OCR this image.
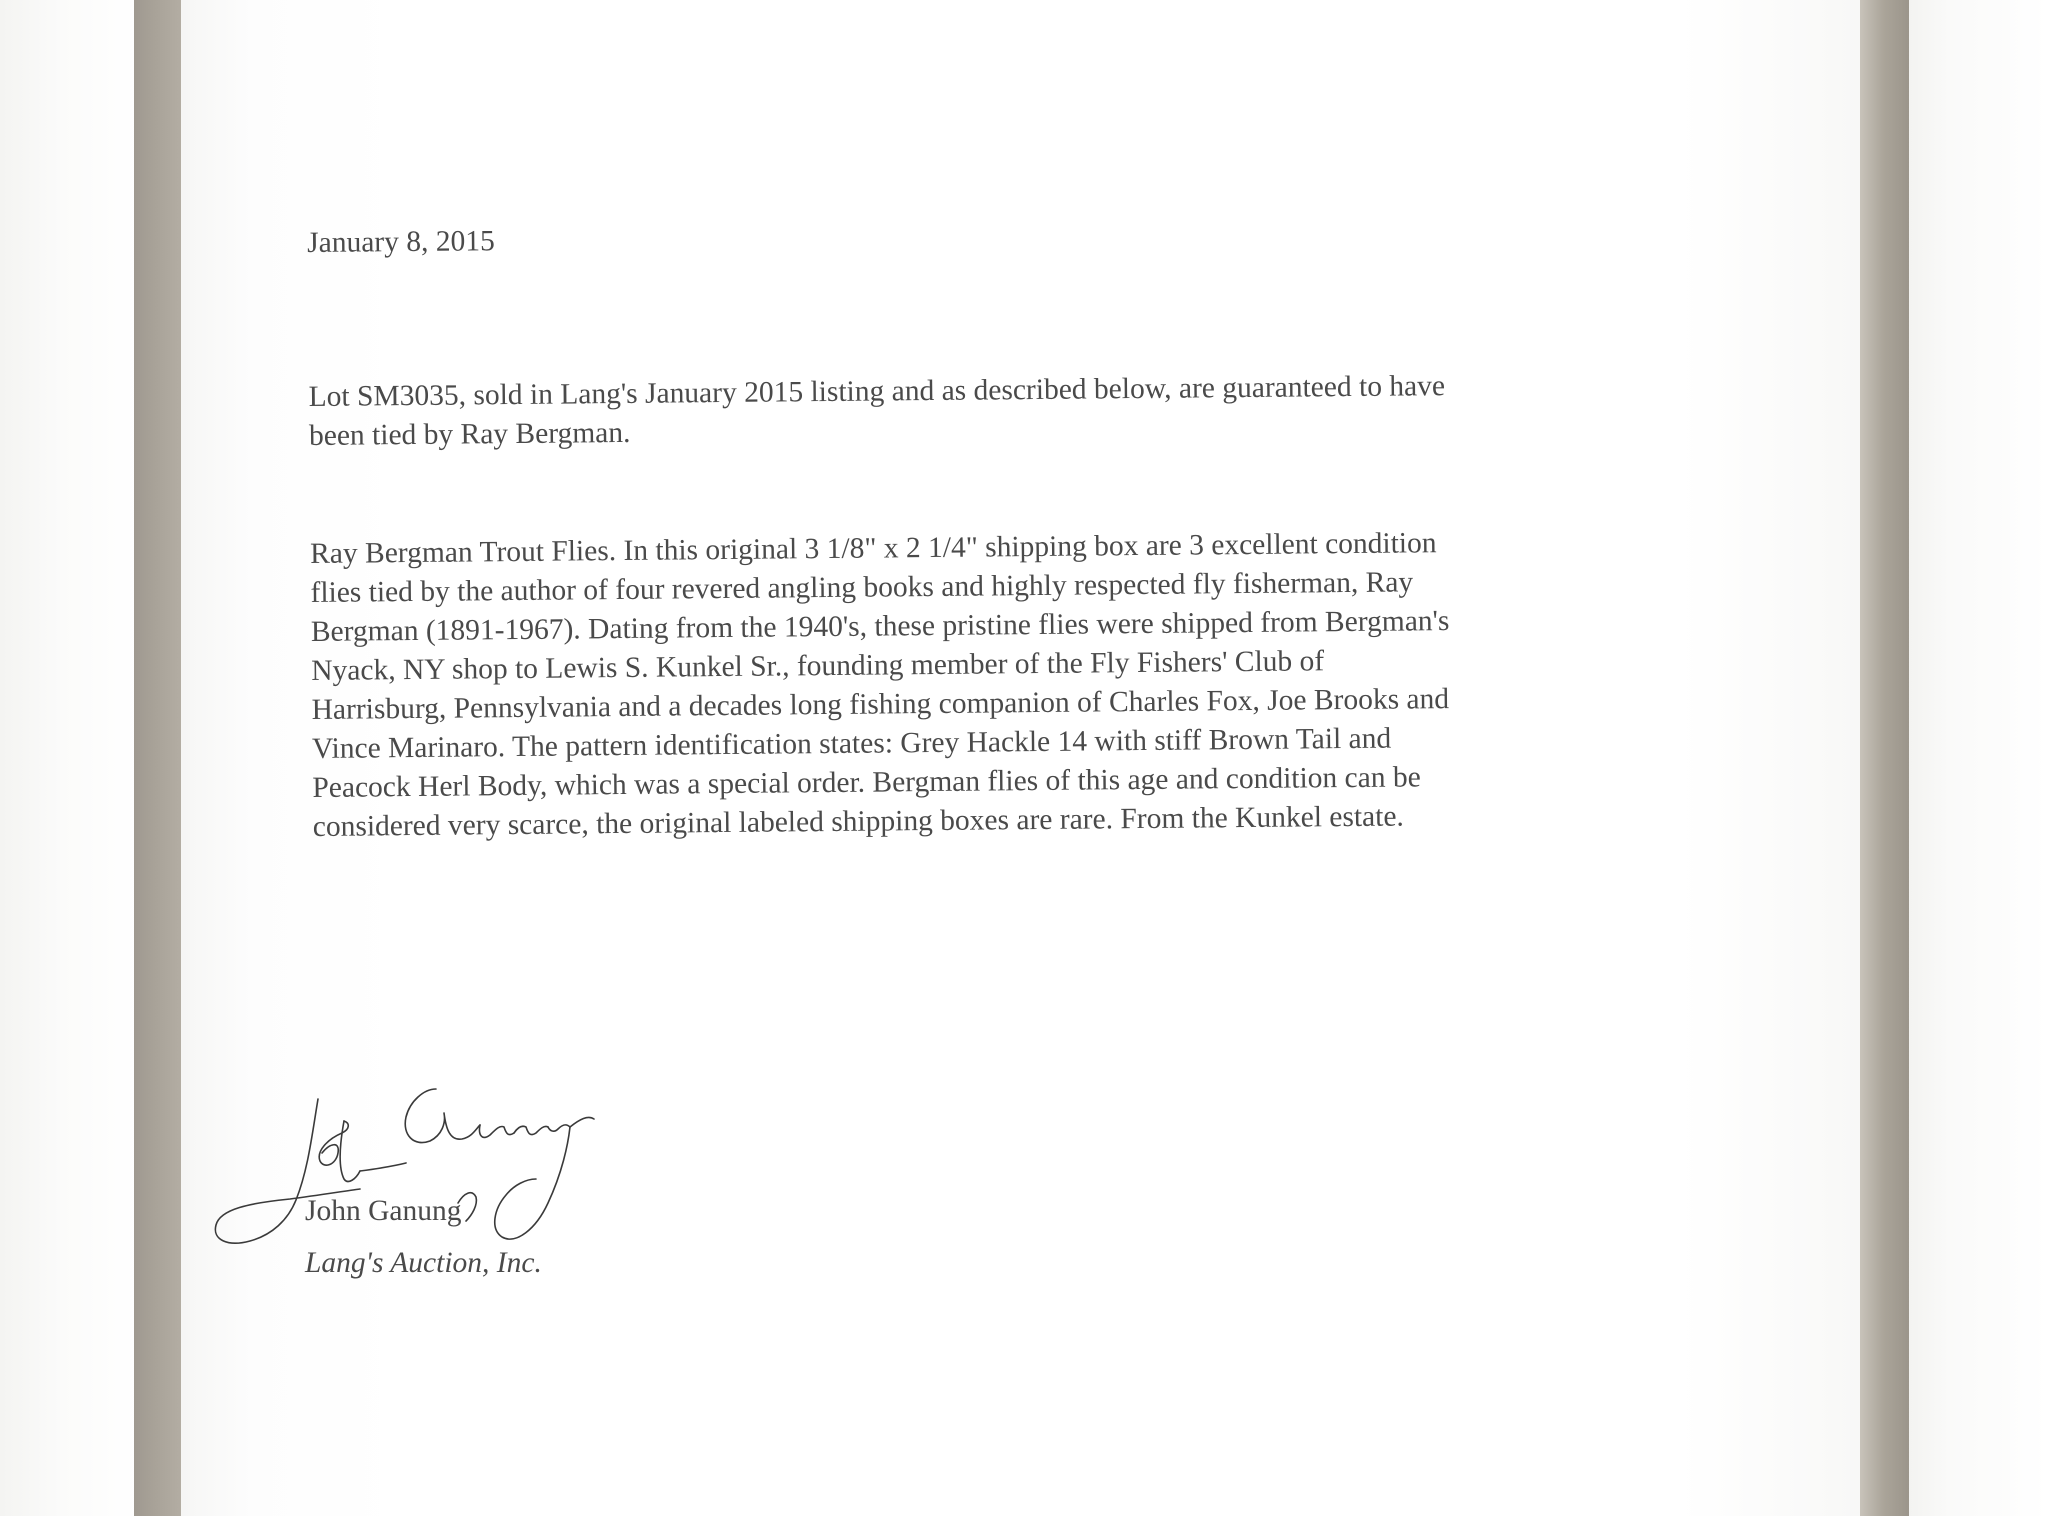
January 8, 2015

Lot SM3035, sold in Lang's January 2015 listing and as described below, are guaranteed to have
been tied by Ray Bergman.

Ray Bergman Trout Flies. In this original 3 1/8" x 2 1/4" shipping box are 3 excellent condition
flies tied by the author of four revered angling books and highly respected fly fisherman, Ray
Bergman (1891-1967). Dating from the 1940's, these pristine flies were shipped from Bergman's
Nyack, NY shop to Lewis S. Kunkel Sr., founding member of the Fly Fishers' Club of
Harrisburg, Pennsylvania and a decades long fishing companion of Charles Fox, Joe Brooks and
Vince Marinaro. The pattern identification states: Grey Hackle 14 with stiff Brown Tail and
Peacock Herl Body, which was a special order. Bergman flies of this age and condition can be
considered very scarce, the original labeled shipping boxes are rare. From the Kunkel estate.

John Ganung
Lang's Auction, Inc.
